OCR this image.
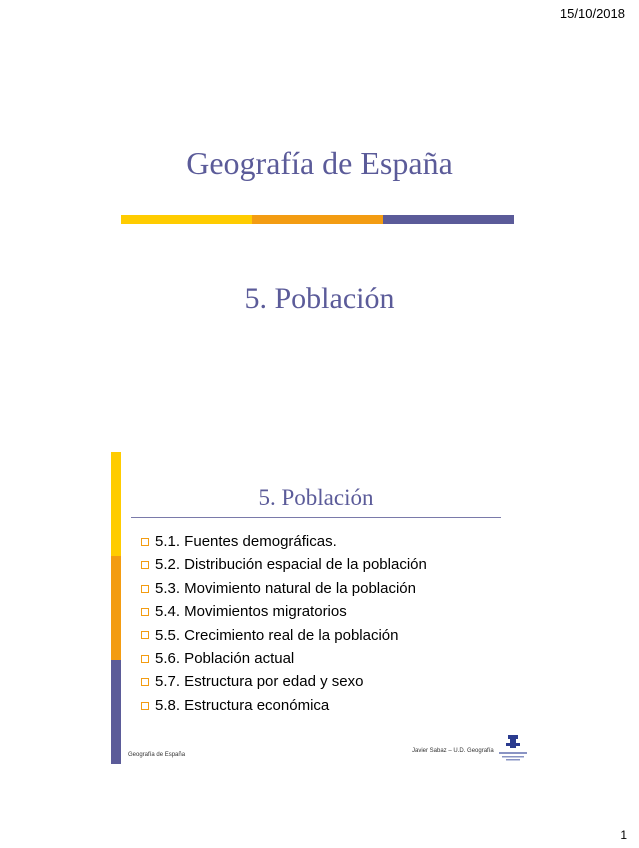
15/10/2018
Geografía de España
5. Población
5. Población
5.1. Fuentes demográficas.
5.2. Distribución espacial de la población
5.3. Movimiento natural de la población
5.4. Movimientos migratorios
5.5. Crecimiento real de la población
5.6. Población actual
5.7. Estructura por edad y sexo
5.8. Estructura económica
Geografía de España
Javier Sabaz – U.D. Geografía
1
